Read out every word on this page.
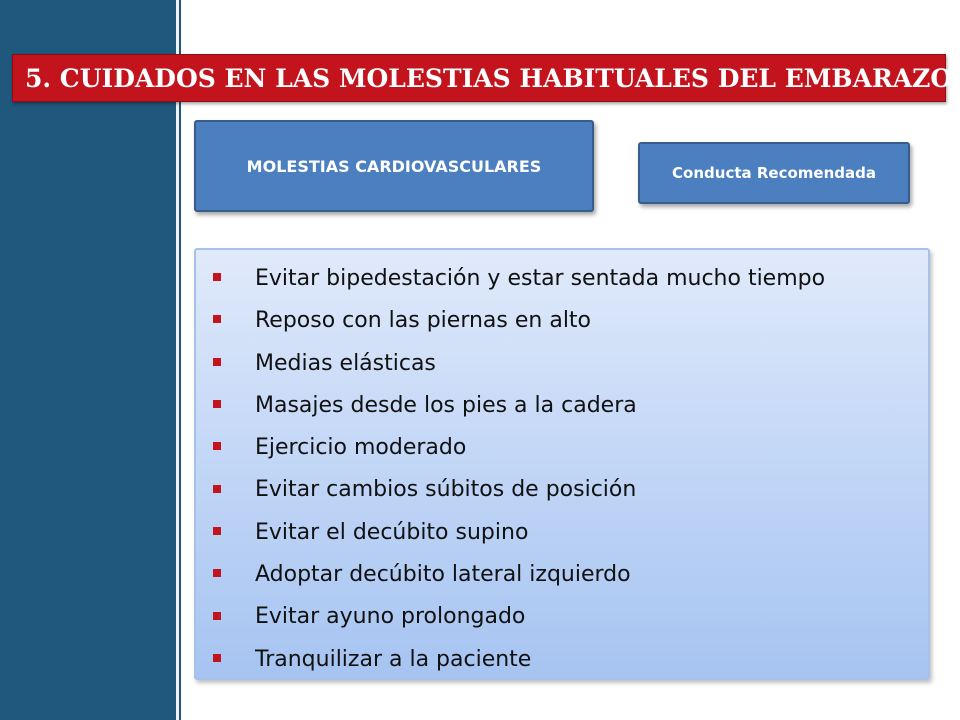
5. CUIDADOS EN LAS MOLESTIAS HABITUALES DEL EMBARAZO
MOLESTIAS CARDIOVASCULARES	Conducta Recomendada
Evitar bipedestación y estar sentada mucho tiempo
Reposo con las piernas en alto
Medias elásticas
Masajes desde los pies a la cadera
Ejercicio moderado
Evitar cambios súbitos de posición
Evitar el decúbito supino
Adoptar decúbito lateral izquierdo
Evitar ayuno prolongado
Tranquilizar a la paciente
